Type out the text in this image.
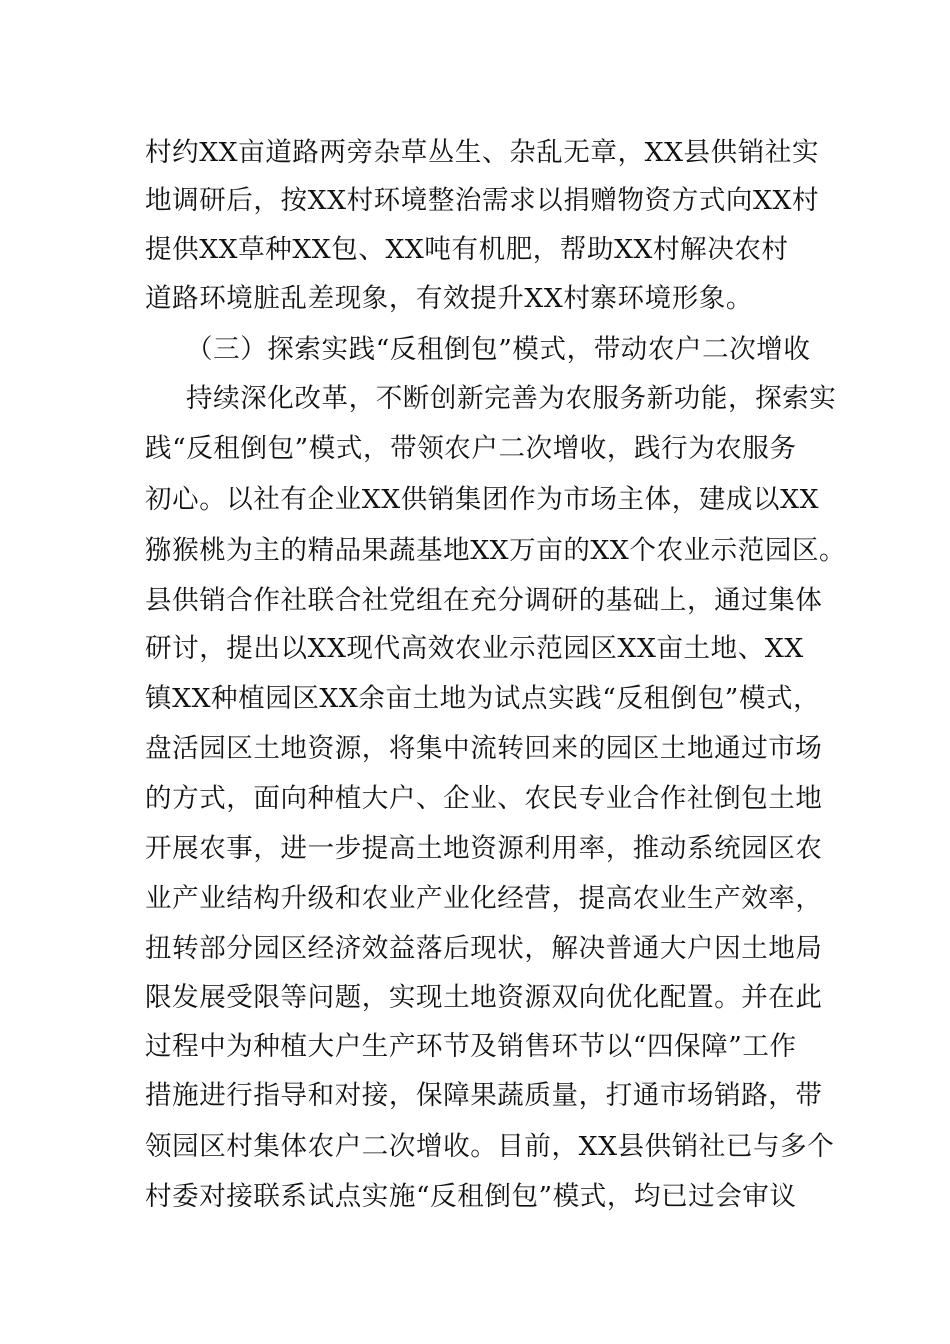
村约XX亩道路两旁杂草丛生、杂乱无章，XX县供销社实
地调研后，按XX村环境整治需求以捐赠物资方式向XX村
提供XX草种XX包、XX吨有机肥，帮助XX村解决农村
道路环境脏乱差现象，有效提升XX村寨环境形象。
（三）探索实践“反租倒包”模式，带动农户二次增收
持续深化改革，不断创新完善为农服务新功能，探索实
践“反租倒包”模式，带领农户二次增收，践行为农服务
初心。以社有企业XX供销集团作为市场主体，建成以XX
猕猴桃为主的精品果蔬基地XX万亩的XX个农业示范园区。
县供销合作社联合社党组在充分调研的基础上，通过集体
研讨，提出以XX现代高效农业示范园区XX亩土地、XX
镇XX种植园区XX余亩土地为试点实践“反租倒包”模式，
盘活园区土地资源，将集中流转回来的园区土地通过市场
的方式，面向种植大户、企业、农民专业合作社倒包土地
开展农事，进一步提高土地资源利用率，推动系统园区农
业产业结构升级和农业产业化经营，提高农业生产效率，
扭转部分园区经济效益落后现状，解决普通大户因土地局
限发展受限等问题，实现土地资源双向优化配置。并在此
过程中为种植大户生产环节及销售环节以“四保障”工作
措施进行指导和对接，保障果蔬质量，打通市场销路，带
领园区村集体农户二次增收。目前，XX县供销社已与多个
村委对接联系试点实施“反租倒包”模式，均已过会审议
